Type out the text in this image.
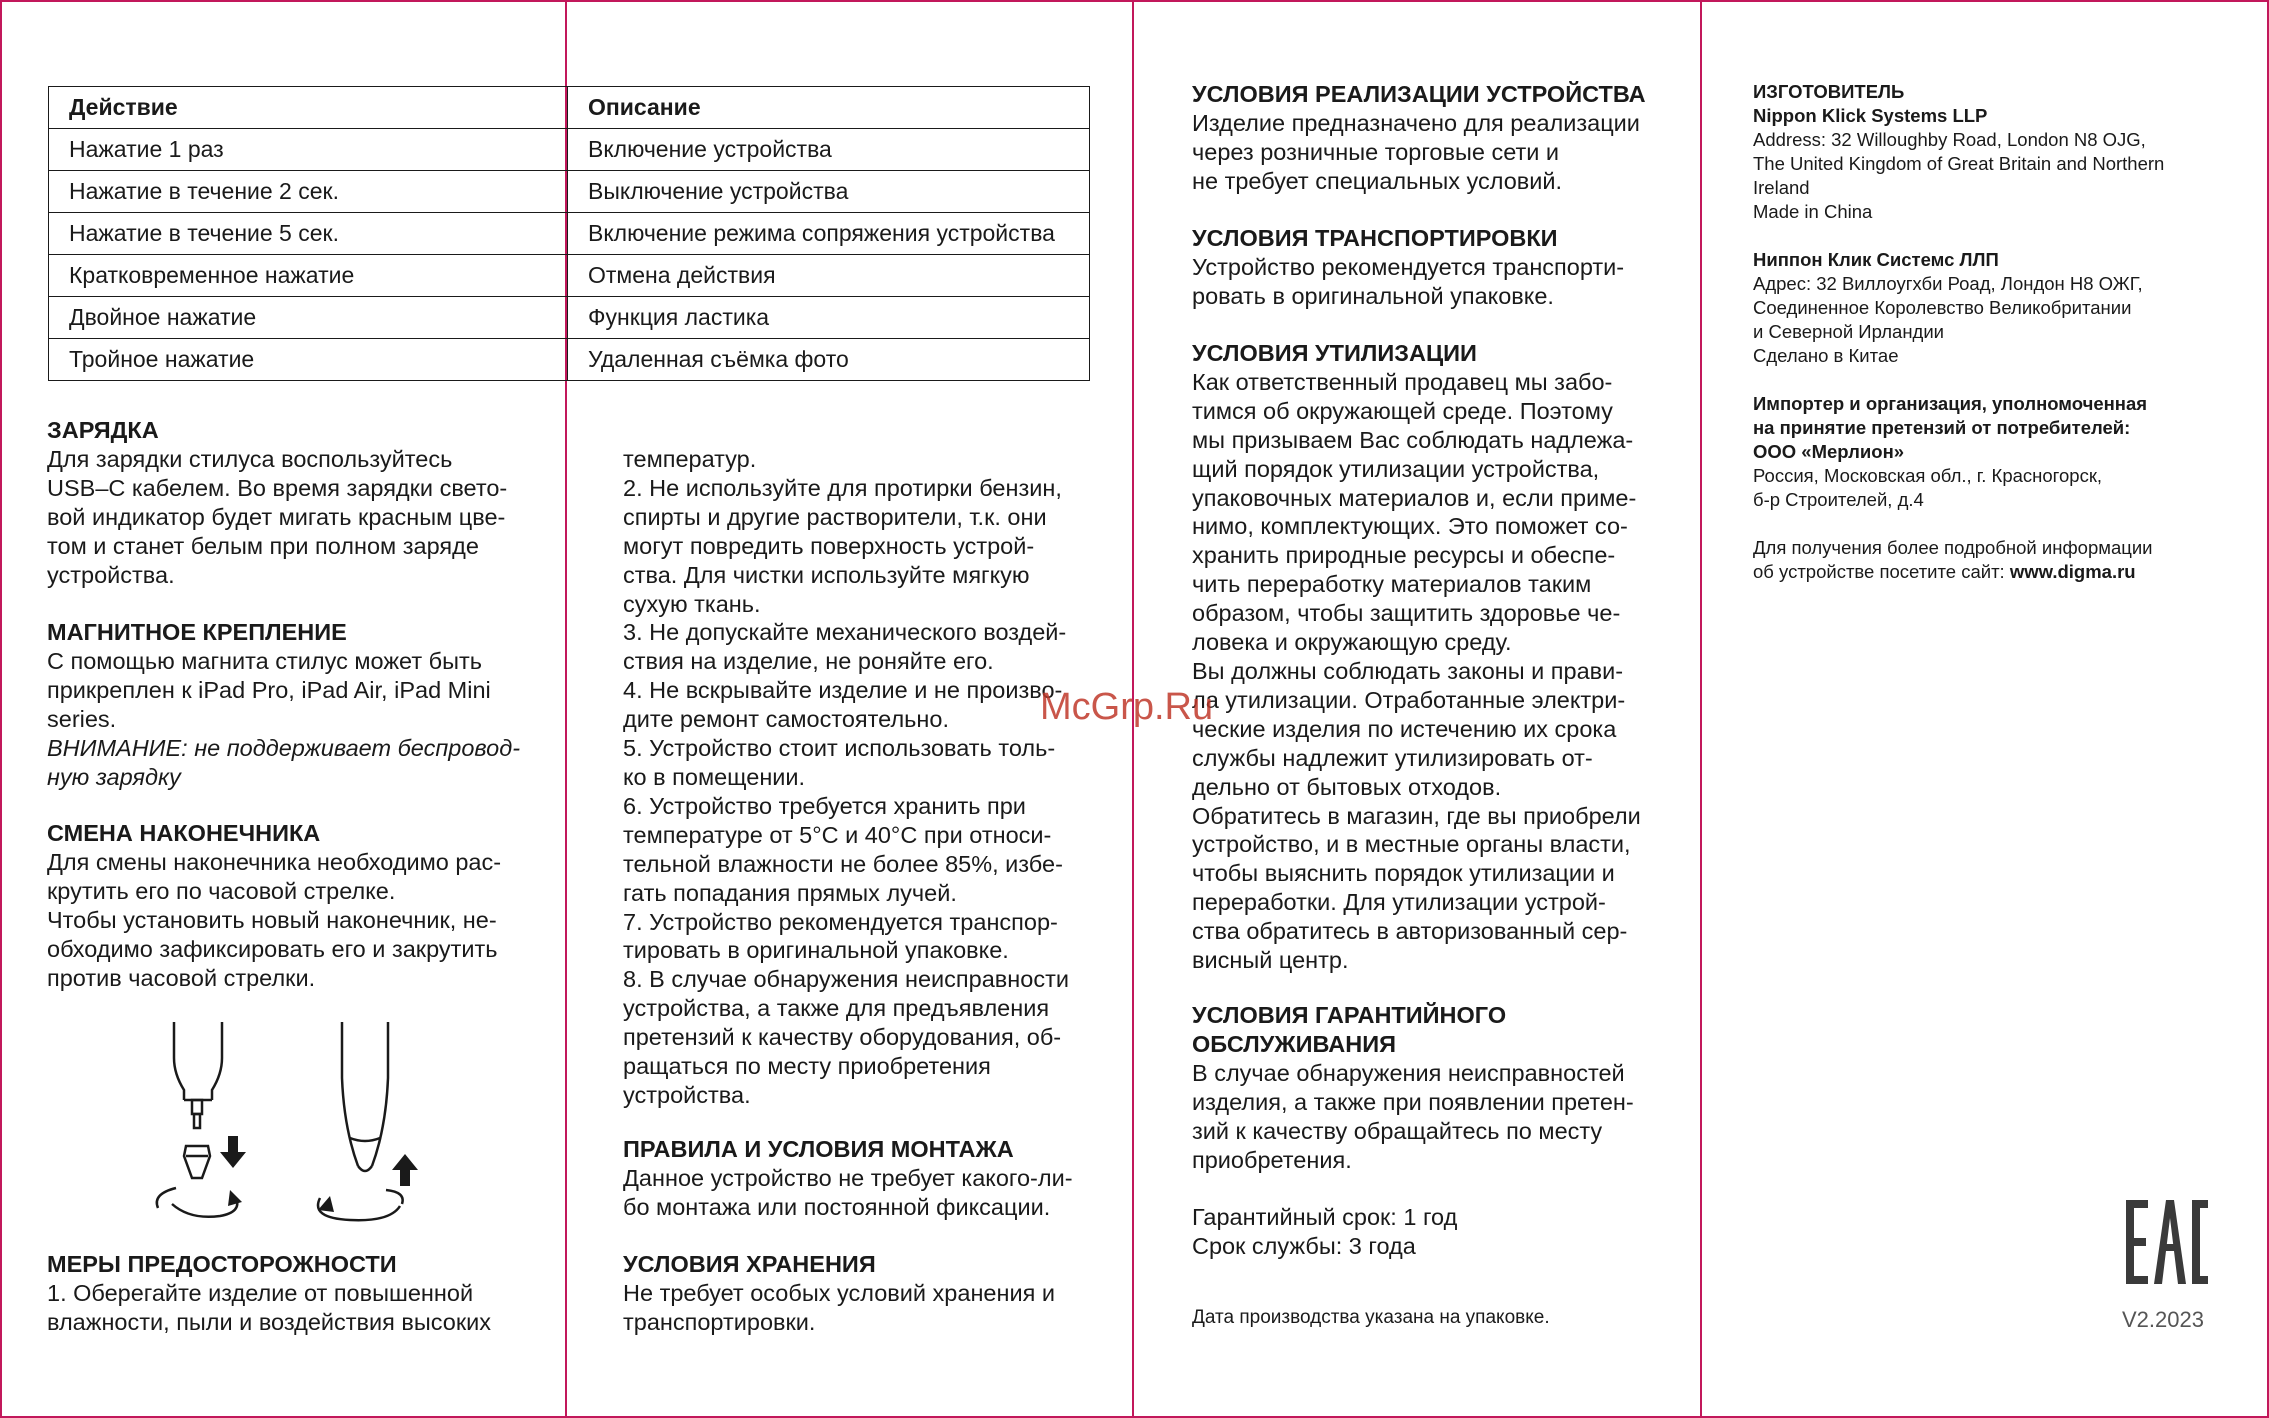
Действие	Описание
Нажатие 1 раз	Включение устройства
Нажатие в течение 2 сек.	Выключение устройства
Нажатие в течение 5 сек.	Включение режима сопряжения устройства
Кратковременное нажатие	Отмена действия
Двойное нажатие	Функция ластика
Тройное нажатие	Удаленная съёмка фото
ЗАРЯДКА
Для зарядки стилуса воспользуйтесь
USB–C кабелем. Во время зарядки свето-
вой индикатор будет мигать красным цве-
том и станет белым при полном заряде
устройства.
МАГНИТНОЕ КРЕПЛЕНИЕ
С помощью магнита стилус может быть
прикреплен к iPad Pro, iPad Air, iPad Mini
series.
ВНИМАНИЕ: не поддерживает беспровод-
ную зарядку
СМЕНА НАКОНЕЧНИКА
Для смены наконечника необходимо рас-
крутить его по часовой стрелке.
Чтобы установить новый наконечник, не-
обходимо зафиксировать его и закрутить
против часовой стрелки.
МЕРЫ ПРЕДОСТОРОЖНОСТИ
1. Оберегайте изделие от повышенной
влажности, пыли и воздействия высоких
температур.
2. Не используйте для протирки бензин,
спирты и другие растворители, т.к. они
могут повредить поверхность устрой-
ства. Для чистки используйте мягкую
сухую ткань.
3. Не допускайте механического воздей-
ствия на изделие, не роняйте его.
4. Не вскрывайте изделие и не произво-
дите ремонт самостоятельно.
5. Устройство стоит использовать толь-
ко в помещении.
6. Устройство требуется хранить при
температуре от 5°C и 40°C при относи-
тельной влажности не более 85%, избе-
гать попадания прямых лучей.
7. Устройство рекомендуется транспор-
тировать в оригинальной упаковке.
8. В случае обнаружения неисправности
устройства, а также для предъявления
претензий к качеству оборудования, об-
ращаться по месту приобретения
устройства.
ПРАВИЛА И УСЛОВИЯ МОНТАЖА
Данное устройство не требует какого-ли-
бо монтажа или постоянной фиксации.
УСЛОВИЯ ХРАНЕНИЯ
Не требует особых условий хранения и
транспортировки.
УСЛОВИЯ РЕАЛИЗАЦИИ УСТРОЙСТВА
Изделие предназначено для реализации
через розничные торговые сети и
не требует специальных условий.
УСЛОВИЯ ТРАНСПОРТИРОВКИ
Устройство рекомендуется транспорти-
ровать в оригинальной упаковке.
УСЛОВИЯ УТИЛИЗАЦИИ
Как ответственный продавец мы забо-
тимся об окружающей среде. Поэтому
мы призываем Вас соблюдать надлежа-
щий порядок утилизации устройства,
упаковочных материалов и, если приме-
нимо, комплектующих. Это поможет со-
хранить природные ресурсы и обеспе-
чить переработку материалов таким
образом, чтобы защитить здоровье че-
ловека и окружающую среду.
Вы должны соблюдать законы и прави-
ла утилизации. Отработанные электри-
ческие изделия по истечению их срока
службы надлежит утилизировать от-
дельно от бытовых отходов.
Обратитесь в магазин, где вы приобрели
устройство, и в местные органы власти,
чтобы выяснить порядок утилизации и
переработки. Для утилизации устрой-
ства обратитесь в авторизованный сер-
висный центр.
УСЛОВИЯ ГАРАНТИЙНОГО
ОБСЛУЖИВАНИЯ
В случае обнаружения неисправностей
изделия, а также при появлении претен-
зий к качеству обращайтесь по месту
приобретения.
Гарантийный срок: 1 год
Срок службы: 3 года
Дата производства указана на упаковке.
ИЗГОТОВИТЕЛЬ
Nippon Klick Systems LLP
Address: 32 Willoughby Road, London N8 OJG,
The United Kingdom of Great Britain and Northern
Ireland
Made in China

Ниппон Клик Системс ЛЛП
Адрес: 32 Виллоугхби Роад, Лондон Н8 ОЖГ,
Соединенное Королевство Великобритании
и Северной Ирландии
Сделано в Китае

Импортер и организация, уполномоченная
на принятие претензий от потребителей:
ООО «Мерлион»
Россия, Московская обл., г. Красногорск,
б-р Строителей, д.4

Для получения более подробной информации
об устройстве посетите сайт: www.digma.ru
V2.2023
McGrp.Ru
